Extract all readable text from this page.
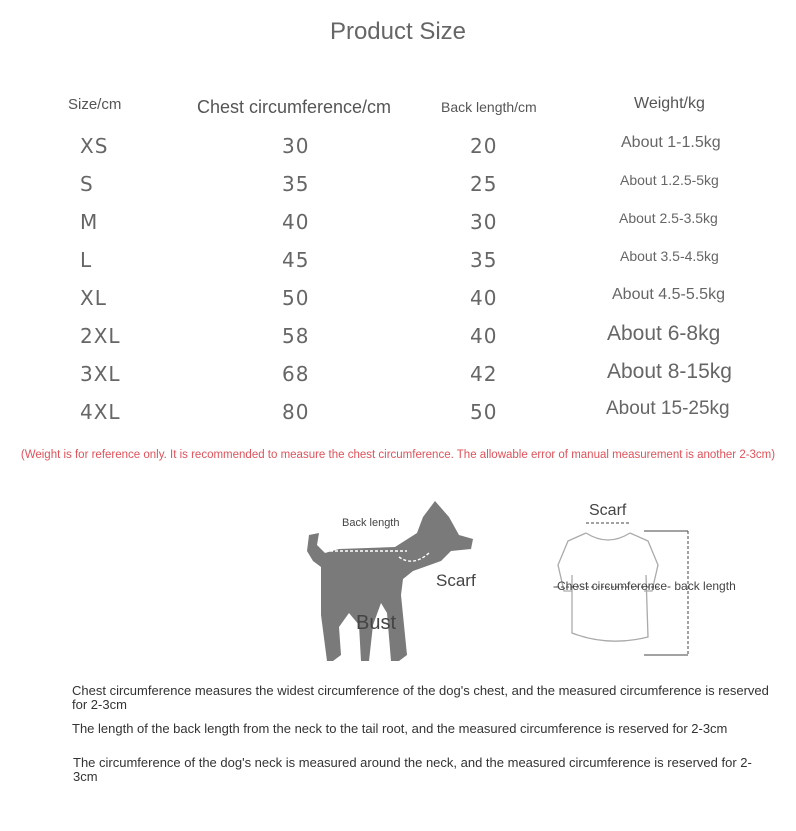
Product Size
Size/cm	Chest circumference/cm	Back length/cm	Weight/kg
XS	30	20	About 1-1.5kg
S	35	25	About 1.2.5-5kg
M	40	30	About 2.5-3.5kg
L	45	35	About 3.5-4.5kg
XL	50	40	About 4.5-5.5kg
2XL	58	40	About 6-8kg
3XL	68	42	About 8-15kg
4XL	80	50	About 15-25kg
(Weight is for reference only. It is recommended to measure the chest circumference. The allowable error of manual measurement is another 2-3cm)
Back length
Scarf
Bust
Scarf
-Chest circumference- back length
Chest circumference measures the widest circumference of the dog's chest, and the measured circumference is reserved for 2-3cm
The length of the back length from the neck to the tail root, and the measured circumference is reserved for 2-3cm
The circumference of the dog's neck is measured around the neck, and the measured circumference is reserved for 2-3cm
